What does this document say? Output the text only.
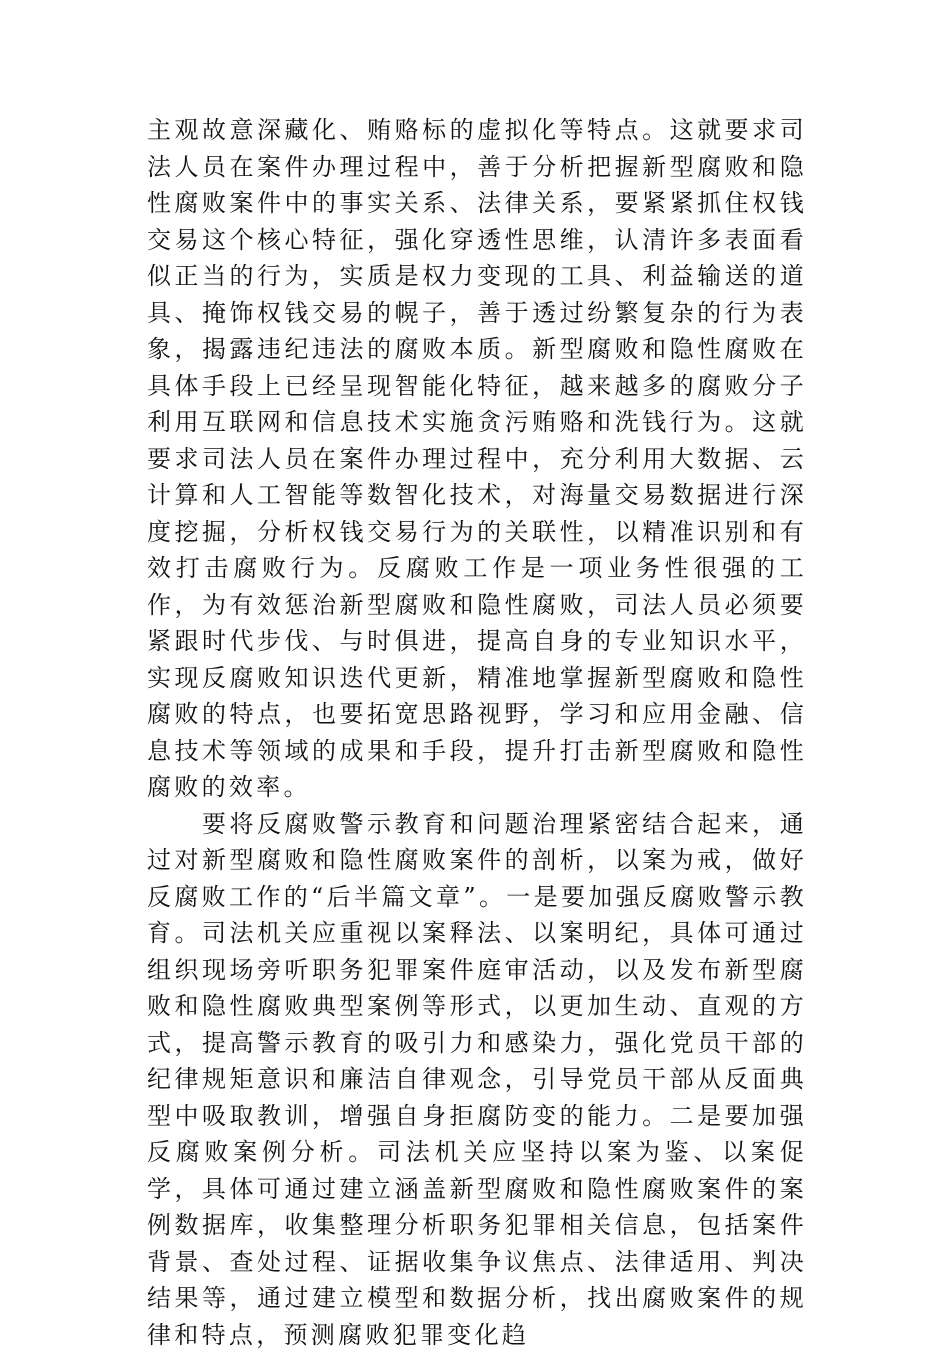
主观故意深藏化、贿赂标的虚拟化等特点。这就要求司法人员在案件办理过程中，善于分析把握新型腐败和隐性腐败案件中的事实关系、法律关系，要紧紧抓住权钱交易这个核心特征，强化穿透性思维，认清许多表面看似正当的行为，实质是权力变现的工具、利益输送的道具、掩饰权钱交易的幌子，善于透过纷繁复杂的行为表象，揭露违纪违法的腐败本质。新型腐败和隐性腐败在具体手段上已经呈现智能化特征，越来越多的腐败分子利用互联网和信息技术实施贪污贿赂和洗钱行为。这就要求司法人员在案件办理过程中，充分利用大数据、云计算和人工智能等数智化技术，对海量交易数据进行深度挖掘，分析权钱交易行为的关联性，以精准识别和有效打击腐败行为。反腐败工作是一项业务性很强的工作，为有效惩治新型腐败和隐性腐败，司法人员必须要紧跟时代步伐、与时俱进，提高自身的专业知识水平，实现反腐败知识迭代更新，精准地掌握新型腐败和隐性腐败的特点，也要拓宽思路视野，学习和应用金融、信息技术等领域的成果和手段，提升打击新型腐败和隐性腐败的效率。

要将反腐败警示教育和问题治理紧密结合起来，通过对新型腐败和隐性腐败案件的剖析，以案为戒，做好反腐败工作的“后半篇文章”。一是要加强反腐败警示教育。司法机关应重视以案释法、以案明纪，具体可通过组织现场旁听职务犯罪案件庭审活动，以及发布新型腐败和隐性腐败典型案例等形式，以更加生动、直观的方式，提高警示教育的吸引力和感染力，强化党员干部的纪律规矩意识和廉洁自律观念，引导党员干部从反面典型中吸取教训，增强自身拒腐防变的能力。二是要加强反腐败案例分析。司法机关应坚持以案为鉴、以案促学，具体可通过建立涵盖新型腐败和隐性腐败案件的案例数据库，收集整理分析职务犯罪相关信息，包括案件背景、查处过程、证据收集争议焦点、法律适用、判决结果等，通过建立模型和数据分析，找出腐败案件的规律和特点，预测腐败犯罪变化趋
